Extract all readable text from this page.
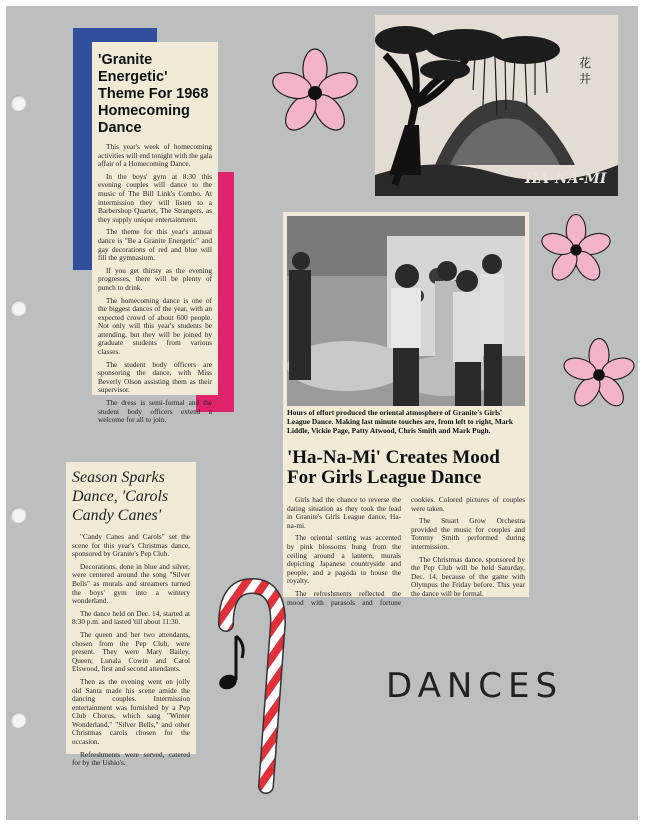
'Granite Energetic' Theme For 1968 Homecoming Dance

This year's week of homecoming activities will end tonight with the gala affair of a Homecoming Dance.

In the boys' gym at 8:30 this evening couples will dance to the music of The Bill Link's Combo. At intermission they will listen to a Barbershop Quartet, The Strangers, as they supply unique entertainment.

The theme for this year's annual dance is "Be a Granite Energetic" and gay decorations of red and blue will fill the gymnasium.

If you get thirsty as the evening progresses, there will be plenty of punch to drink.

The homecoming dance is one of the biggest dances of the year, with an expected crowd of about 600 people. Not only will this year's students be attending, but they will be joined by graduate students from various classes.

The student body officers are sponsoring the dance, with Miss Beverly Olson assisting them as their supervisor.

The dress is semi-formal and the student body officers extend a welcome for all to join.

Season Sparks Dance, 'Carols Candy Canes'

"Candy Canes and Carols" set the scene for this year's Christmas dance, sponsored by Granite's Pep Club.

Decorations, done in blue and silver, were centered around the song "Silver Bells" as murals and streamers turned the boys' gym into a wintery wonderland.

The dance held on Dec. 14, started at 8:30 p.m. and lasted 'till about 11:30.

The queen and her two attendants, chosen from the Pep Club, were present. They were Mary Bailey, Queen; Lunala Cowin and Carol Elswood, first and second attendants.

Then as the evening went on jolly old Santa made his scene amide the dancing couples. Intermission entertainment was furnished by a Pep Club Chorus, which sang "Winter Wonderland," "Silver Bells," and other Christmas carols chosen for the occasion.

Refreshments were served, catered for by the Ushio's.

花 井
HA-NA-MI
Hours of effort produced the oriental atmosphere of Granite's Girls' League Dance. Making last minute touches are, from left to right, Mark Liddle, Vickie Page, Patty Atwood, Chris Smith and Mark Pugh.
'Ha-Na-Mi' Creates Mood For Girls League Dance

Girls had the chance to reverse the dating situation as they took the lead in Granite's Girls League dance, Ha-na-mi.

The oriental setting was accented by pink blossoms hung from the ceiling around a lantern, murals depicting Japanese countryside and people, and a pagoda to house the royalty.

The refreshments reflected the mood with parasols and fortune cookies. Colored pictures of couples were taken.

The Stuart Grow Orchestra provided the music for couples and Tommy Smith performed during intermission.

The Christmas dance, sponsored by the Pep Club will be held Saturday, Dec. 14, because of the game with Olympus the Friday before. This year the dance will be formal.

DANCES
